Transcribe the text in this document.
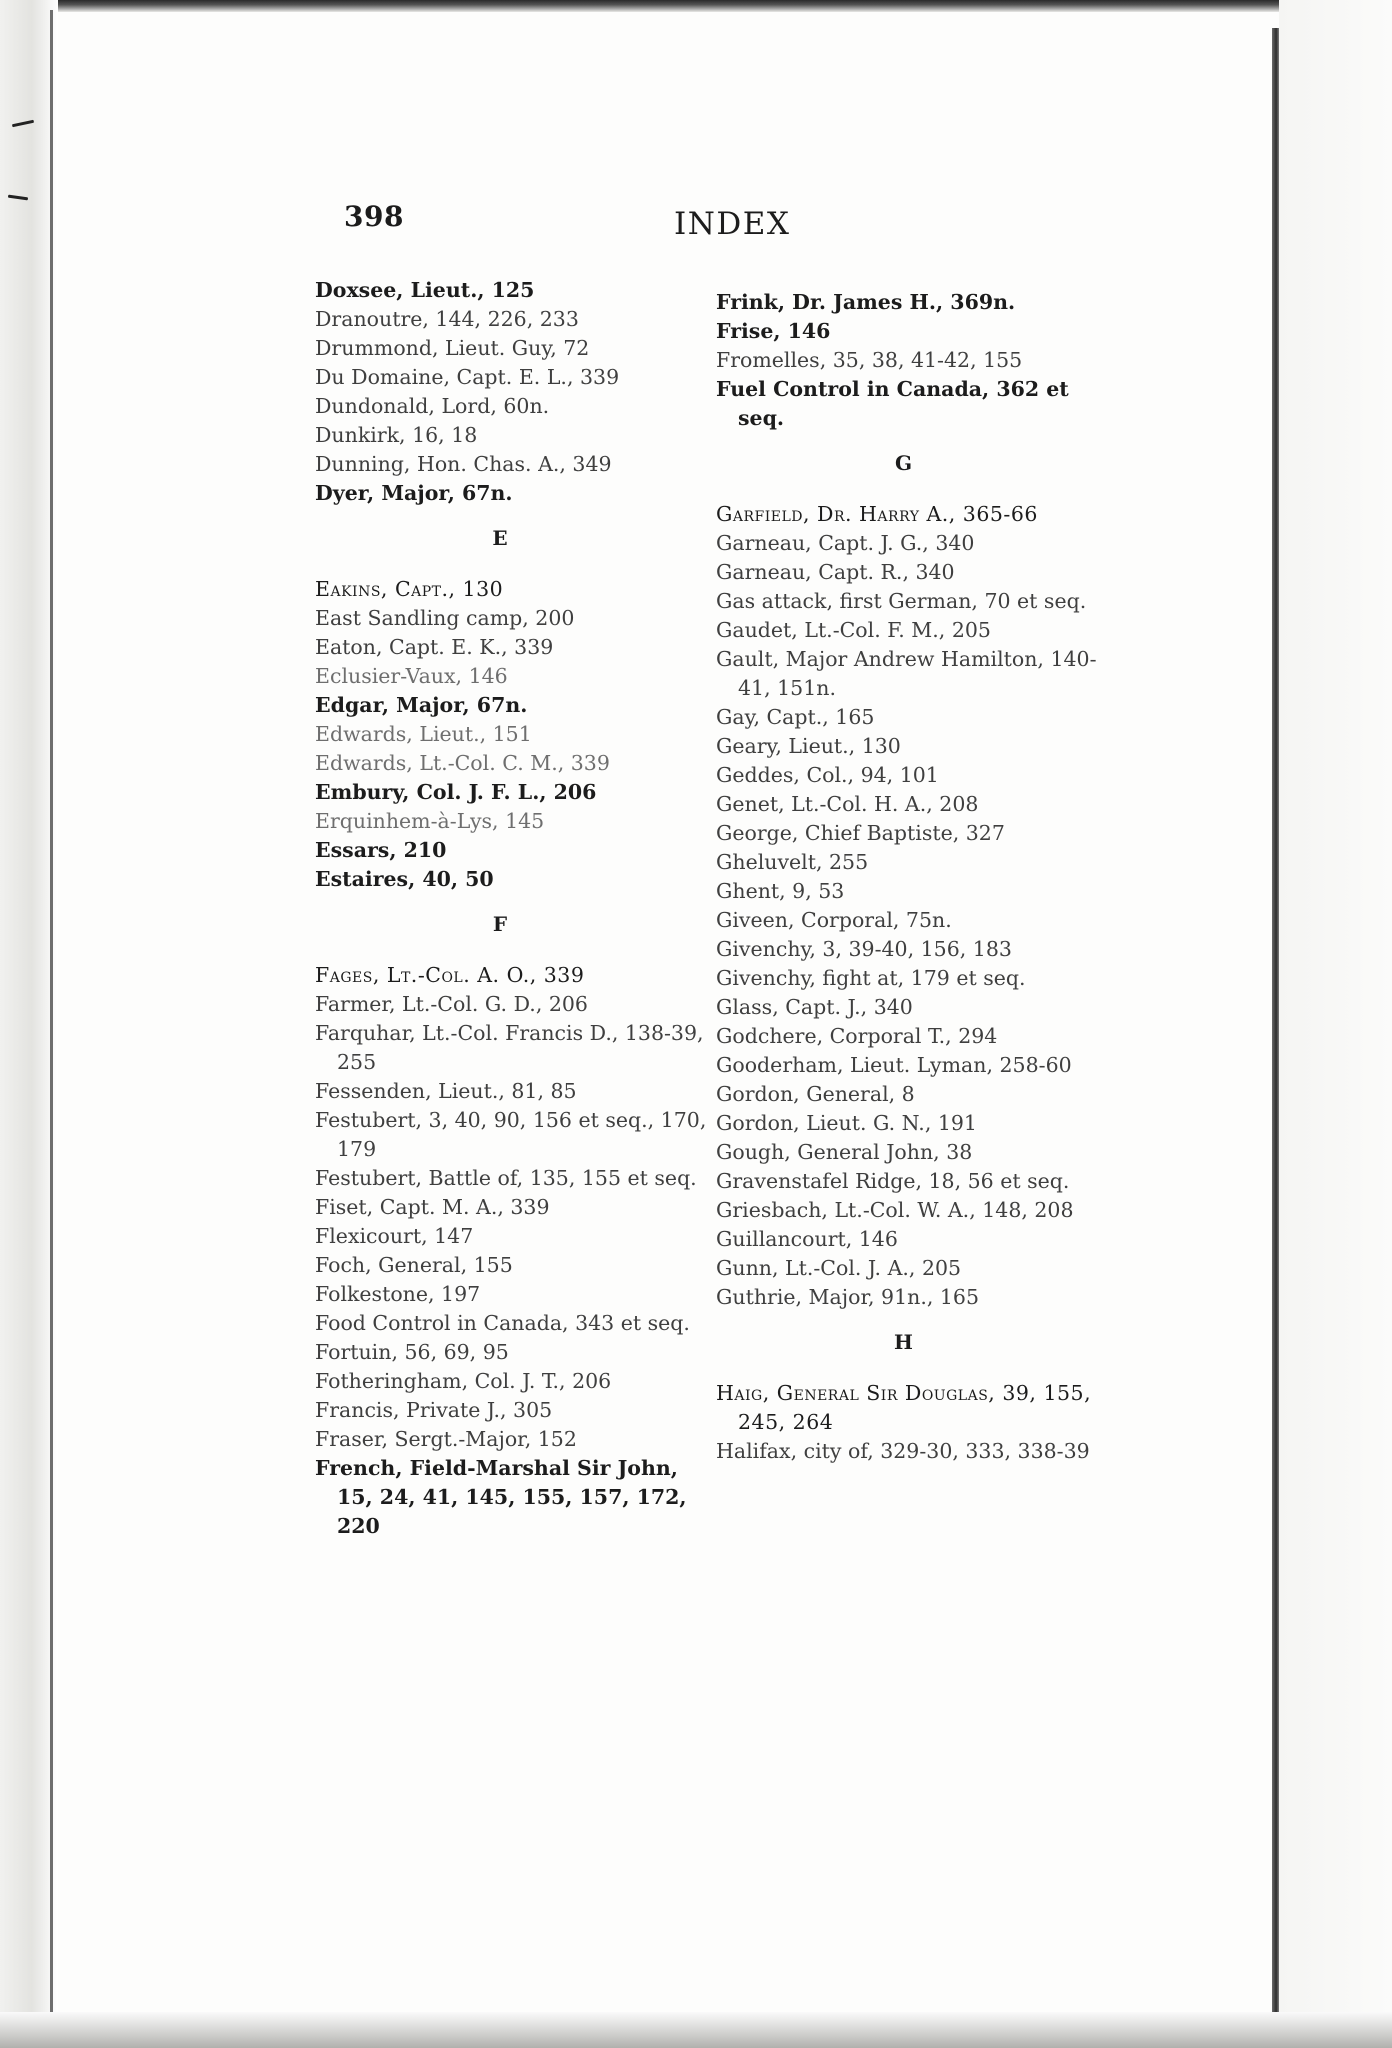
398	INDEX
Doxsee, Lieut., 125
Dranoutre, 144, 226, 233
Drummond, Lieut. Guy, 72
Du Domaine, Capt. E. L., 339
Dundonald, Lord, 60n.
Dunkirk, 16, 18
Dunning, Hon. Chas. A., 349
Dyer, Major, 67n.
E
Eakins, Capt., 130
East Sandling camp, 200
Eaton, Capt. E. K., 339
Eclusier-Vaux, 146
Edgar, Major, 67n.
Edwards, Lieut., 151
Edwards, Lt.-Col. C. M., 339
Embury, Col. J. F. L., 206
Erquinhem-à-Lys, 145
Essars, 210
Estaires, 40, 50
F
Fages, Lt.-Col. A. O., 339
Farmer, Lt.-Col. G. D., 206
Farquhar, Lt.-Col. Francis D., 138-39, 255
Fessenden, Lieut., 81, 85
Festubert, 3, 40, 90, 156 et seq., 170, 179
Festubert, Battle of, 135, 155 et seq.
Fiset, Capt. M. A., 339
Flexicourt, 147
Foch, General, 155
Folkestone, 197
Food Control in Canada, 343 et seq.
Fortuin, 56, 69, 95
Fotheringham, Col. J. T., 206
Francis, Private J., 305
Fraser, Sergt.-Major, 152
French, Field-Marshal Sir John, 15, 24, 41, 145, 155, 157, 172, 220
Frink, Dr. James H., 369n.
Frise, 146
Fromelles, 35, 38, 41-42, 155
Fuel Control in Canada, 362 et seq.
G
Garfield, Dr. Harry A., 365-66
Garneau, Capt. J. G., 340
Garneau, Capt. R., 340
Gas attack, first German, 70 et seq.
Gaudet, Lt.-Col. F. M., 205
Gault, Major Andrew Hamilton, 140-41, 151n.
Gay, Capt., 165
Geary, Lieut., 130
Geddes, Col., 94, 101
Genet, Lt.-Col. H. A., 208
George, Chief Baptiste, 327
Gheluvelt, 255
Ghent, 9, 53
Giveen, Corporal, 75n.
Givenchy, 3, 39-40, 156, 183
Givenchy, fight at, 179 et seq.
Glass, Capt. J., 340
Godchere, Corporal T., 294
Gooderham, Lieut. Lyman, 258-60
Gordon, General, 8
Gordon, Lieut. G. N., 191
Gough, General John, 38
Gravenstafel Ridge, 18, 56 et seq.
Griesbach, Lt.-Col. W. A., 148, 208
Guillancourt, 146
Gunn, Lt.-Col. J. A., 205
Guthrie, Major, 91n., 165
H
Haig, General Sir Douglas, 39, 155, 245, 264
Halifax, city of, 329-30, 333, 338-39
